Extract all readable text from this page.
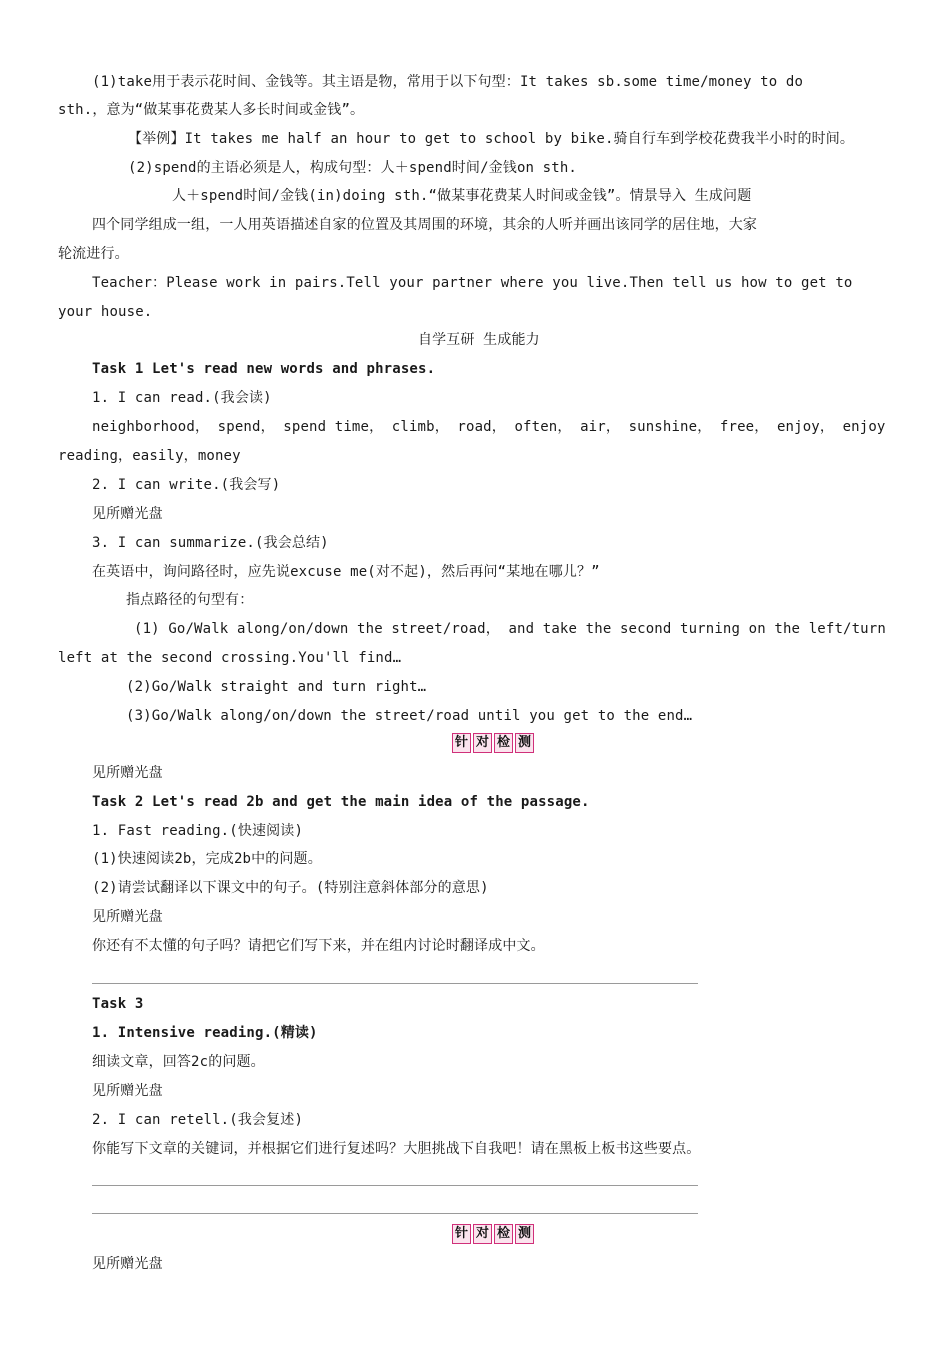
(1)take用于表示花时间、金钱等。其主语是物，常用于以下句型：It takes sb.some time/money to do
sth.，意为“做某事花费某人多长时间或金钱”。
【举例】It takes me half an hour to get to school by bike.骑自行车到学校花费我半小时的时间。
(2)spend的主语必须是人，构成句型：人＋spend时间/金钱on sth.
人＋spend时间/金钱(in)doing sth.“做某事花费某人时间或金钱”。情景导入 生成问题
四个同学组成一组，一人用英语描述自家的位置及其周围的环境，其余的人听并画出该同学的居住地，大家
轮流进行。
Teacher：Please work in pairs.Tell your partner where you live.Then tell us how to get to
your house.
自学互研 生成能力
Task 1 Let's read new words and phrases.
1. I can read.(我会读)
neighborhood， spend， spend time， climb， road， often， air， sunshine， free， enjoy， enjoy
reading，easily，money
2. I can write.(我会写)
见所赠光盘
3. I can summarize.(我会总结)
在英语中，询问路径时，应先说excuse me(对不起)，然后再问“某地在哪儿？”
指点路径的句型有：
(1) Go/Walk along/on/down the street/road， and take the second turning on the left/turn
left at the second crossing.You'll find…
(2)Go/Walk straight and turn right…
(3)Go/Walk along/on/down the street/road until you get to the end…
针 对 检 测
见所赠光盘
Task 2 Let's read 2b and get the main idea of the passage.
1. Fast reading.(快速阅读)
(1)快速阅读2b，完成2b中的问题。
(2)请尝试翻译以下课文中的句子。(特别注意斜体部分的意思)
见所赠光盘
你还有不太懂的句子吗？请把它们写下来，并在组内讨论时翻译成中文。
Task 3
1. Intensive reading.(精读)
细读文章，回答2c的问题。
见所赠光盘
2. I can retell.(我会复述)
你能写下文章的关键词，并根据它们进行复述吗？大胆挑战下自我吧！请在黑板上板书这些要点。
针 对 检 测
见所赠光盘
